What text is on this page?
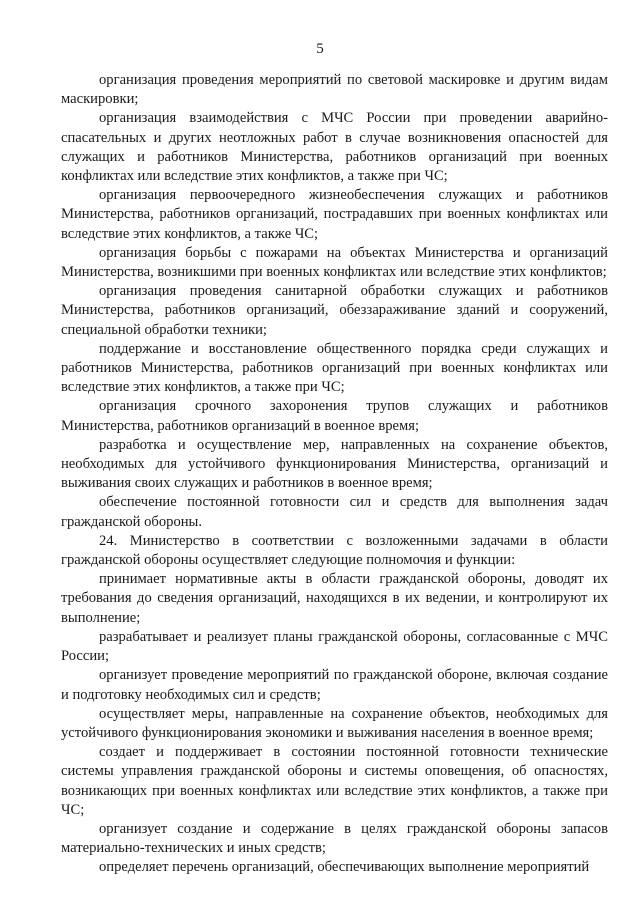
5

организация проведения мероприятий по световой маскировке и другим видам маскировки;

организация взаимодействия с МЧС России при проведении аварийно-спасательных и других неотложных работ в случае возникновения опасностей для служащих и работников Министерства, работников организаций при военных конфликтах или вследствие этих конфликтов, а также при ЧС;

организация первоочередного жизнеобеспечения служащих и работников Министерства, работников организаций, пострадавших при военных конфликтах или вследствие этих конфликтов, а также ЧС;

организация борьбы с пожарами на объектах Министерства и организаций Министерства, возникшими при военных конфликтах или вследствие этих конфликтов;

организация проведения санитарной обработки служащих и работников Министерства, работников организаций, обеззараживание зданий и сооружений, специальной обработки техники;

поддержание и восстановление общественного порядка среди служащих и работников Министерства, работников организаций при военных конфликтах или вследствие этих конфликтов, а также при ЧС;

организация срочного захоронения трупов служащих и работников Министерства, работников организаций в военное время;

разработка и осуществление мер, направленных на сохранение объектов, необходимых для устойчивого функционирования Министерства, организаций и выживания своих служащих и работников в военное время;

обеспечение постоянной готовности сил и средств для выполнения задач гражданской обороны.

24. Министерство в соответствии с возложенными задачами в области гражданской обороны осуществляет следующие полномочия и функции:

принимает нормативные акты в области гражданской обороны, доводят их требования до сведения организаций, находящихся в их ведении, и контролируют их выполнение;

разрабатывает и реализует планы гражданской обороны, согласованные с МЧС России;

организует проведение мероприятий по гражданской обороне, включая создание и подготовку необходимых сил и средств;

осуществляет меры, направленные на сохранение объектов, необходимых для устойчивого функционирования экономики и выживания населения в военное время;

создает и поддерживает в состоянии постоянной готовности технические системы управления гражданской обороны и системы оповещения, об опасностях, возникающих при военных конфликтах или вследствие этих конфликтов, а также при ЧС;

организует создание и содержание в целях гражданской обороны запасов материально-технических и иных средств;

определяет перечень организаций, обеспечивающих выполнение мероприятий
